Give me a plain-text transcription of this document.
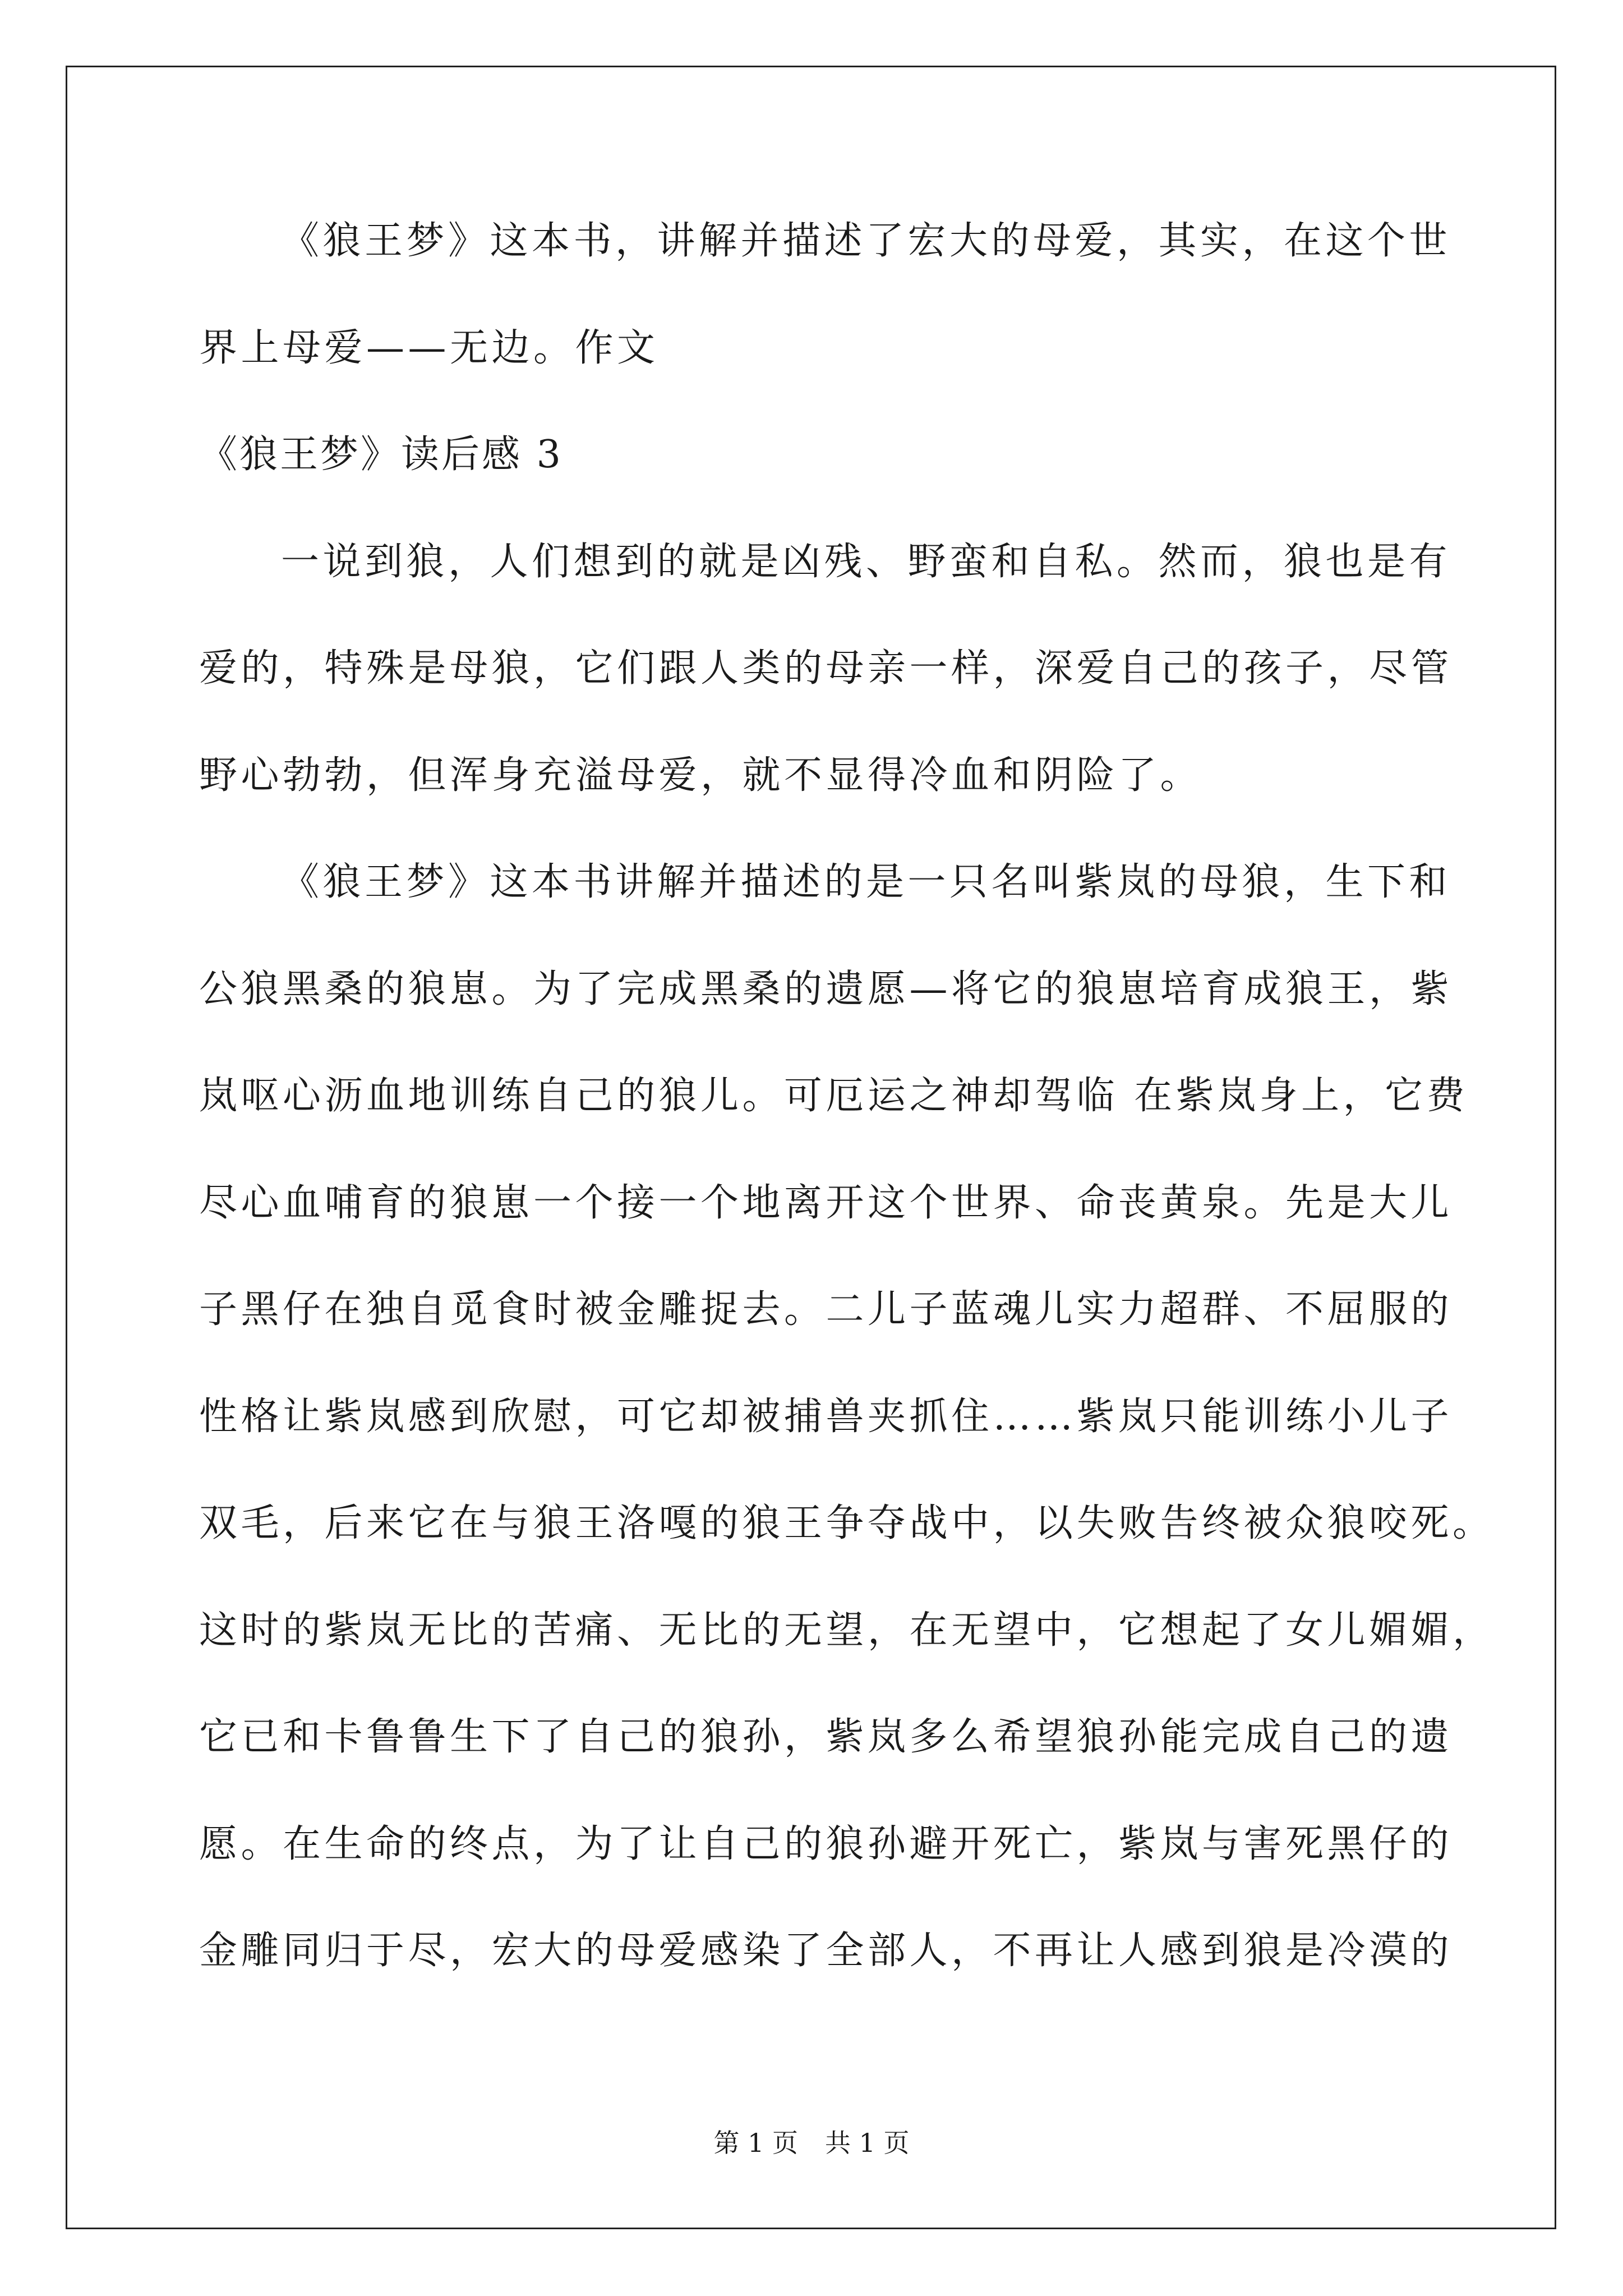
《狼王梦》这本书，讲解并描述了宏大的母爱，其实，在这个世
界上母爱——无边。作文
《狼王梦》读后感 3
一说到狼，人们想到的就是凶残、野蛮和自私。然而，狼也是有
爱的，特殊是母狼，它们跟人类的母亲一样，深爱自己的孩子，尽管
野心勃勃，但浑身充溢母爱，就不显得冷血和阴险了。
《狼王梦》这本书讲解并描述的是一只名叫紫岚的母狼，生下和
公狼黑桑的狼崽。为了完成黑桑的遗愿—将它的狼崽培育成狼王，紫
岚呕心沥血地训练自己的狼儿。可厄运之神却驾临 在紫岚身上，它费
尽心血哺育的狼崽一个接一个地离开这个世界、命丧黄泉。先是大儿
子黑仔在独自觅食时被金雕捉去。二儿子蓝魂儿实力超群、不屈服的
性格让紫岚感到欣慰，可它却被捕兽夹抓住……紫岚只能训练小儿子
双毛，后来它在与狼王洛嘎的狼王争夺战中，以失败告终被众狼咬死。
这时的紫岚无比的苦痛、无比的无望，在无望中，它想起了女儿媚媚，
它已和卡鲁鲁生下了自己的狼孙，紫岚多么希望狼孙能完成自己的遗
愿。在生命的终点，为了让自己的狼孙避开死亡，紫岚与害死黑仔的
金雕同归于尽，宏大的母爱感染了全部人，不再让人感到狼是冷漠的
第 1 页 共 1 页
